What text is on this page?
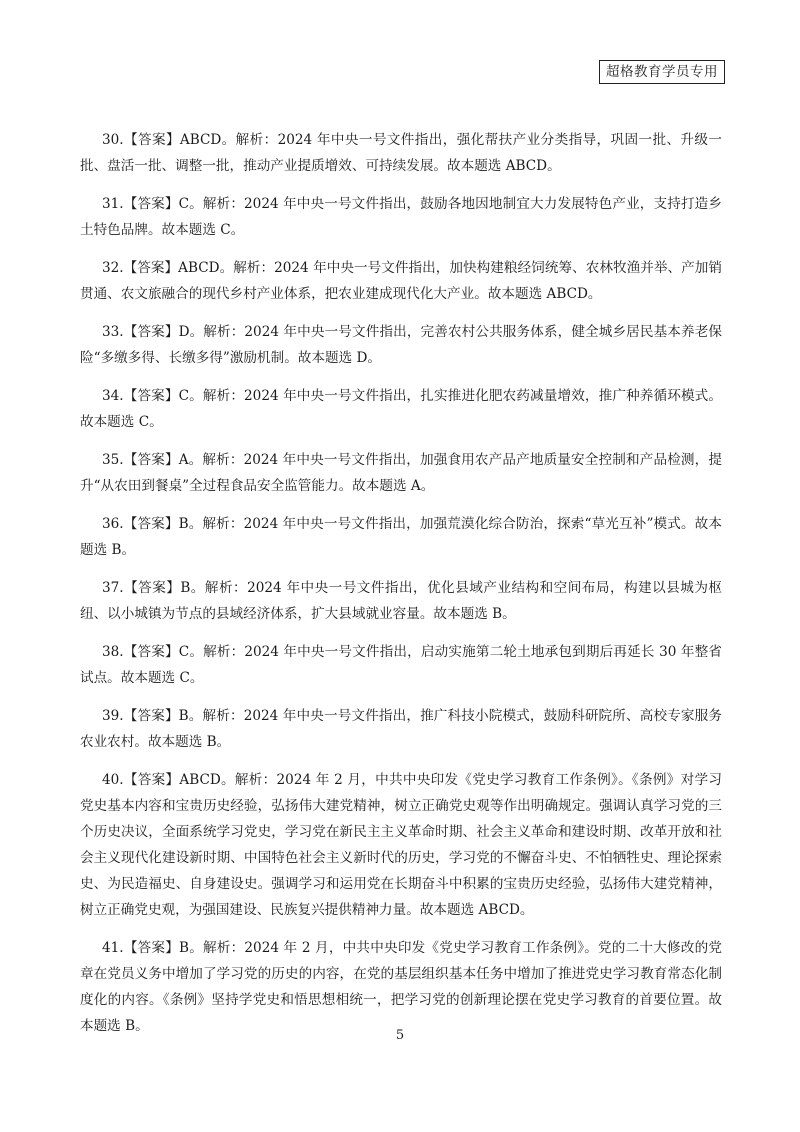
超格教育学员专用

30.【答案】ABCD。解析：2024 年中央一号文件指出，强化帮扶产业分类指导，巩固一批、升级一批、盘活一批、调整一批，推动产业提质增效、可持续发展。故本题选 ABCD。

31.【答案】C。解析：2024 年中央一号文件指出，鼓励各地因地制宜大力发展特色产业，支持打造乡土特色品牌。故本题选 C。

32.【答案】ABCD。解析：2024 年中央一号文件指出，加快构建粮经饲统筹、农林牧渔并举、产加销贯通、农文旅融合的现代乡村产业体系，把农业建成现代化大产业。故本题选 ABCD。

33.【答案】D。解析：2024 年中央一号文件指出，完善农村公共服务体系，健全城乡居民基本养老保险“多缴多得、长缴多得”激励机制。故本题选 D。

34.【答案】C。解析：2024 年中央一号文件指出，扎实推进化肥农药减量增效，推广种养循环模式。故本题选 C。

35.【答案】A。解析：2024 年中央一号文件指出，加强食用农产品产地质量安全控制和产品检测，提升“从农田到餐桌”全过程食品安全监管能力。故本题选 A。

36.【答案】B。解析：2024 年中央一号文件指出，加强荒漠化综合防治，探索“草光互补”模式。故本题选 B。

37.【答案】B。解析：2024 年中央一号文件指出，优化县域产业结构和空间布局，构建以县城为枢纽、以小城镇为节点的县域经济体系，扩大县域就业容量。故本题选 B。

38.【答案】C。解析：2024 年中央一号文件指出，启动实施第二轮土地承包到期后再延长 30 年整省试点。故本题选 C。

39.【答案】B。解析：2024 年中央一号文件指出，推广科技小院模式，鼓励科研院所、高校专家服务农业农村。故本题选 B。

40.【答案】ABCD。解析：2024 年 2 月，中共中央印发《党史学习教育工作条例》。《条例》对学习党史基本内容和宝贵历史经验，弘扬伟大建党精神，树立正确党史观等作出明确规定。强调认真学习党的三个历史决议，全面系统学习党史，学习党在新民主主义革命时期、社会主义革命和建设时期、改革开放和社会主义现代化建设新时期、中国特色社会主义新时代的历史，学习党的不懈奋斗史、不怕牺牲史、理论探索史、为民造福史、自身建设史。强调学习和运用党在长期奋斗中积累的宝贵历史经验，弘扬伟大建党精神，树立正确党史观，为强国建设、民族复兴提供精神力量。故本题选 ABCD。

41.【答案】B。解析：2024 年 2 月，中共中央印发《党史学习教育工作条例》。党的二十大修改的党章在党员义务中增加了学习党的历史的内容，在党的基层组织基本任务中增加了推进党史学习教育常态化制度化的内容。《条例》坚持学党史和悟思想相统一，把学习党的创新理论摆在党史学习教育的首要位置。故本题选 B。

5
